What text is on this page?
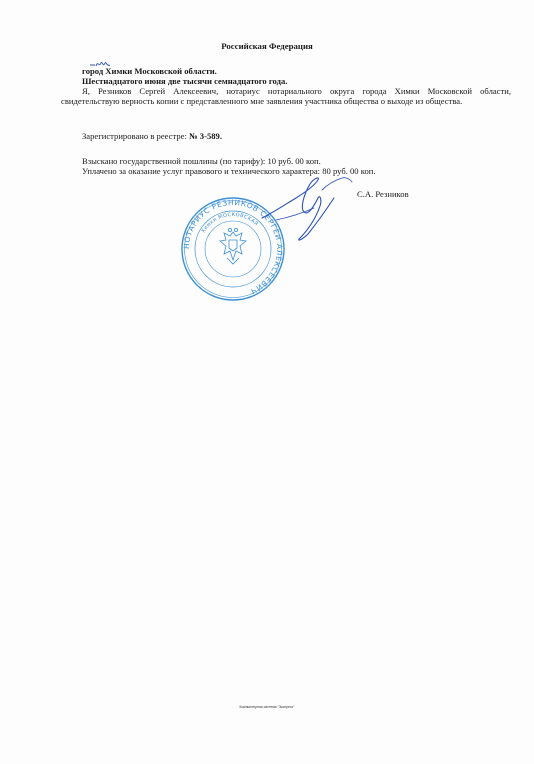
Российская Федерация
город Химки Московской области.
Шестнадцатого июня две тысячи семнадцатого года.
Я, Резников Сергей Алексеевич, нотариус нотариального округа города Химки Московской области, свидетельствую верность копии с представленного мне заявления участника общества о выходе из общества.
Зарегистрировано в реестре: № 3-589.
Взыскано государственной пошлины (по тарифу): 10 руб. 00 коп.
Уплачено за оказание услуг правового и технического характера: 80 руб. 00 коп.
С.А. Резников
НОТАРИУС РЕЗНИКОВ СЕРГЕЙ АЛЕКСЕЕВИЧ
Химки МОСКОВСКАЯ
Компьютерная система "Экспресс"
